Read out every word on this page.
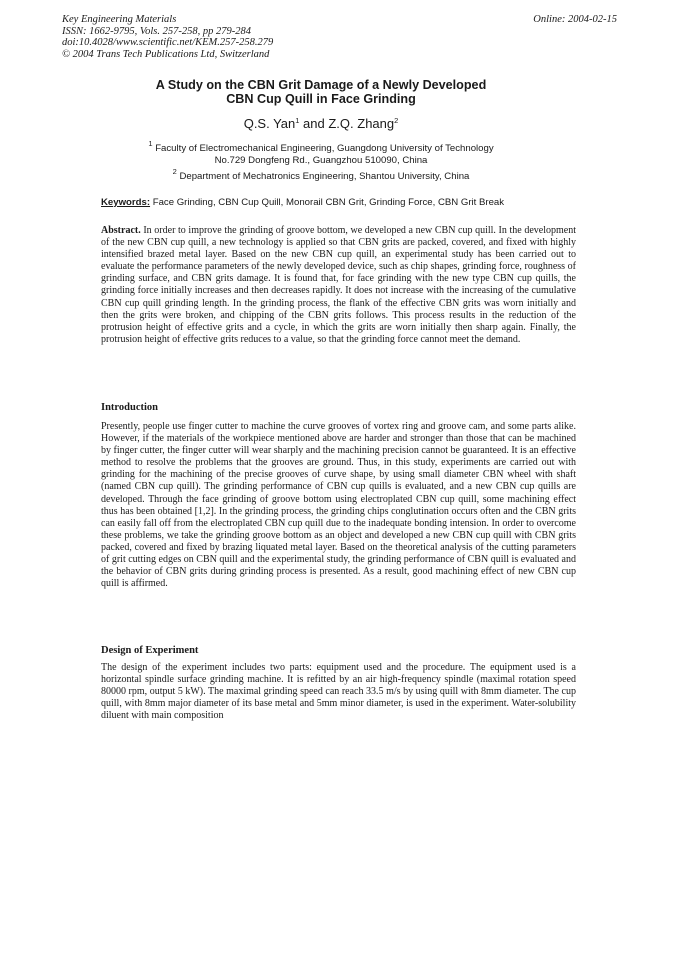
Key Engineering Materials
ISSN: 1662-9795, Vols. 257-258, pp 279-284
doi:10.4028/www.scientific.net/KEM.257-258.279
© 2004 Trans Tech Publications Ltd, Switzerland
Online: 2004-02-15
A Study on the CBN Grit Damage of a Newly Developed
CBN Cup Quill in Face Grinding
Q.S. Yan$^1$ and Z.Q. Zhang$^2$
$^1$ Faculty of Electromechanical Engineering, Guangdong University of Technology
No.729 Dongfeng Rd., Guangzhou 510090, China
$^2$ Department of Mechatronics Engineering, Shantou University, China
Keywords: Face Grinding, CBN Cup Quill, Monorail CBN Grit, Grinding Force, CBN Grit Break
Abstract. In order to improve the grinding of groove bottom, we developed a new CBN cup quill. In the development of the new CBN cup quill, a new technology is applied so that CBN grits are packed, covered, and fixed with highly intensified brazed metal layer. Based on the new CBN cup quill, an experimental study has been carried out to evaluate the performance parameters of the newly developed device, such as chip shapes, grinding force, roughness of grinding surface, and CBN grits damage. It is found that, for face grinding with the new type CBN cup quills, the grinding force initially increases and then decreases rapidly. It does not increase with the increasing of the cumulative CBN cup quill grinding length. In the grinding process, the flank of the effective CBN grits was worn initially and then the grits were broken, and chipping of the CBN grits follows. This process results in the reduction of the protrusion height of effective grits and a cycle, in which the grits are worn initially then sharp again. Finally, the protrusion height of effective grits reduces to a value, so that the grinding force cannot meet the demand.
Introduction
Presently, people use finger cutter to machine the curve grooves of vortex ring and groove cam, and some parts alike. However, if the materials of the workpiece mentioned above are harder and stronger than those that can be machined by finger cutter, the finger cutter will wear sharply and the machining precision cannot be guaranteed. It is an effective method to resolve the problems that the grooves are ground. Thus, in this study, experiments are carried out with grinding for the machining of the precise grooves of curve shape, by using small diameter CBN wheel with shaft (named CBN cup quill). The grinding performance of CBN cup quills is evaluated, and a new CBN cup quills are developed. Through the face grinding of groove bottom using electroplated CBN cup quill, some machining effect thus has been obtained [1,2]. In the grinding process, the grinding chips conglutination occurs often and the CBN grits can easily fall off from the electroplated CBN cup quill due to the inadequate bonding intension. In order to overcome these problems, we take the grinding groove bottom as an object and developed a new CBN cup quill with CBN grits packed, covered and fixed by brazing liquated metal layer. Based on the theoretical analysis of the cutting parameters of grit cutting edges on CBN quill and the experimental study, the grinding performance of CBN quill is evaluated and the behavior of CBN grits during grinding process is presented. As a result, good machining effect of new CBN cup quill is affirmed.
Design of Experiment
The design of the experiment includes two parts: equipment used and the procedure. The equipment used is a horizontal spindle surface grinding machine. It is refitted by an air high-frequency spindle (maximal rotation speed 80000 rpm, output 5 kW). The maximal grinding speed can reach 33.5 m/s by using quill with 8mm diameter. The cup quill, with 8mm major diameter of its base metal and 5mm minor diameter, is used in the experiment. Water-solubility diluent with main composition
